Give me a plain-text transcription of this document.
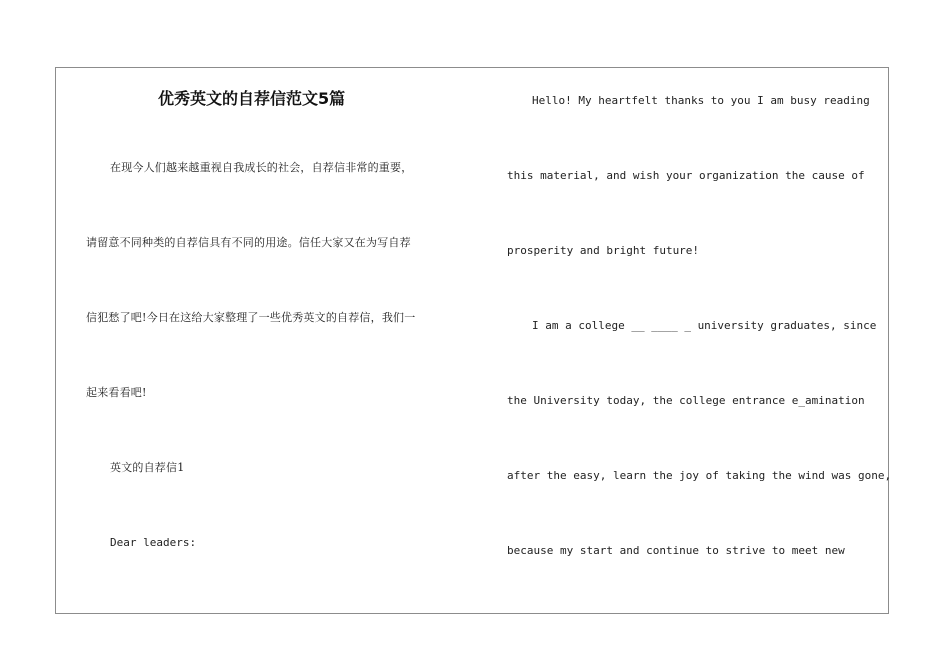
优秀英文的自荐信范文5篇
在现今人们越来越重视自我成长的社会，自荐信非常的重要，
请留意不同种类的自荐信具有不同的用途。信任大家又在为写自荐
信犯愁了吧!今日在这给大家整理了一些优秀英文的自荐信，我们一
起来看看吧!
英文的自荐信1
Dear leaders:
Hello! My heartfelt thanks to you I am busy reading
this material, and wish your organization the cause of
prosperity and bright future!
I am a college __ ____ _ university graduates, since
the University today, the college entrance e_amination
after the easy, learn the joy of taking the wind was gone,
because my start and continue to strive to meet new
